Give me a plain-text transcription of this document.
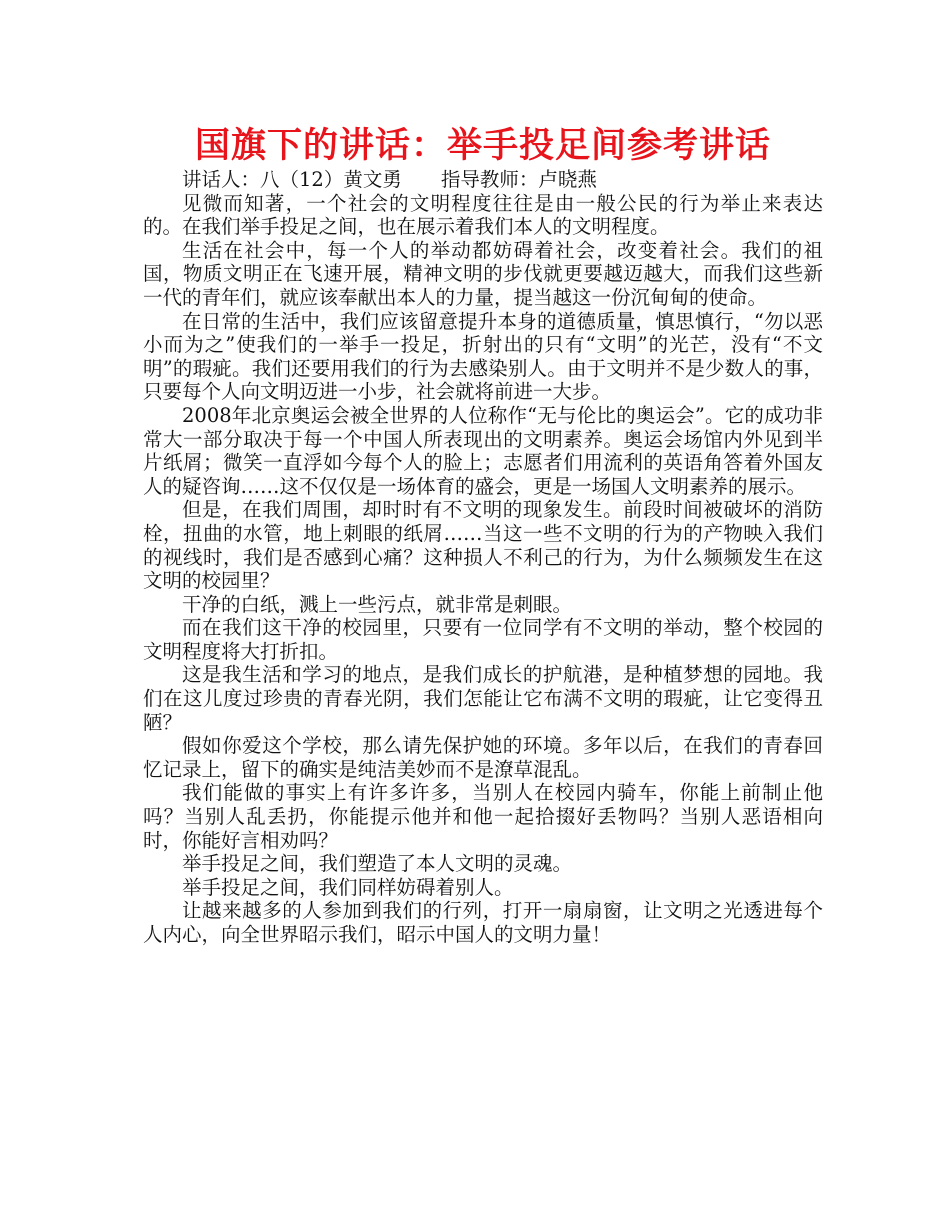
国旗下的讲话：举手投足间参考讲话

讲话人：八（12）黄文勇　　指导教师：卢晓燕

见微而知著，一个社会的文明程度往往是由一般公民的行为举止来表达的。在我们举手投足之间，也在展示着我们本人的文明程度。

生活在社会中，每一个人的举动都妨碍着社会，改变着社会。我们的祖国，物质文明正在飞速开展，精神文明的步伐就更要越迈越大，而我们这些新一代的青年们，就应该奉献出本人的力量，提当越这一份沉甸甸的使命。

在日常的生活中，我们应该留意提升本身的道德质量，慎思慎行，“勿以恶小而为之”使我们的一举手一投足，折射出的只有“文明”的光芒，没有“不文明”的瑕疵。我们还要用我们的行为去感染别人。由于文明并不是少数人的事，只要每个人向文明迈进一小步，社会就将前进一大步。

2008年北京奥运会被全世界的人位称作“无与伦比的奥运会”。它的成功非常大一部分取决于每一个中国人所表现出的文明素养。奥运会场馆内外见到半片纸屑；微笑一直浮如今每个人的脸上；志愿者们用流利的英语角答着外国友人的疑咨询……这不仅仅是一场体育的盛会，更是一场国人文明素养的展示。

但是，在我们周围，却时时有不文明的现象发生。前段时间被破坏的消防栓，扭曲的水管，地上刺眼的纸屑……当这一些不文明的行为的产物映入我们的视线时，我们是否感到心痛？这种损人不利己的行为，为什么频频发生在这文明的校园里？

干净的白纸，溅上一些污点，就非常是刺眼。

而在我们这干净的校园里，只要有一位同学有不文明的举动，整个校园的文明程度将大打折扣。

这是我生活和学习的地点，是我们成长的护航港，是种植梦想的园地。我们在这儿度过珍贵的青春光阴，我们怎能让它布满不文明的瑕疵，让它变得丑陋？

假如你爱这个学校，那么请先保护她的环境。多年以后，在我们的青春回忆记录上，留下的确实是纯洁美妙而不是潦草混乱。

我们能做的事实上有许多许多，当别人在校园内骑车，你能上前制止他吗？当别人乱丢扔，你能提示他并和他一起拾掇好丢物吗？当别人恶语相向时，你能好言相劝吗？

举手投足之间，我们塑造了本人文明的灵魂。

举手投足之间，我们同样妨碍着别人。

让越来越多的人参加到我们的行列，打开一扇扇窗，让文明之光透进每个人内心，向全世界昭示我们，昭示中国人的文明力量！
